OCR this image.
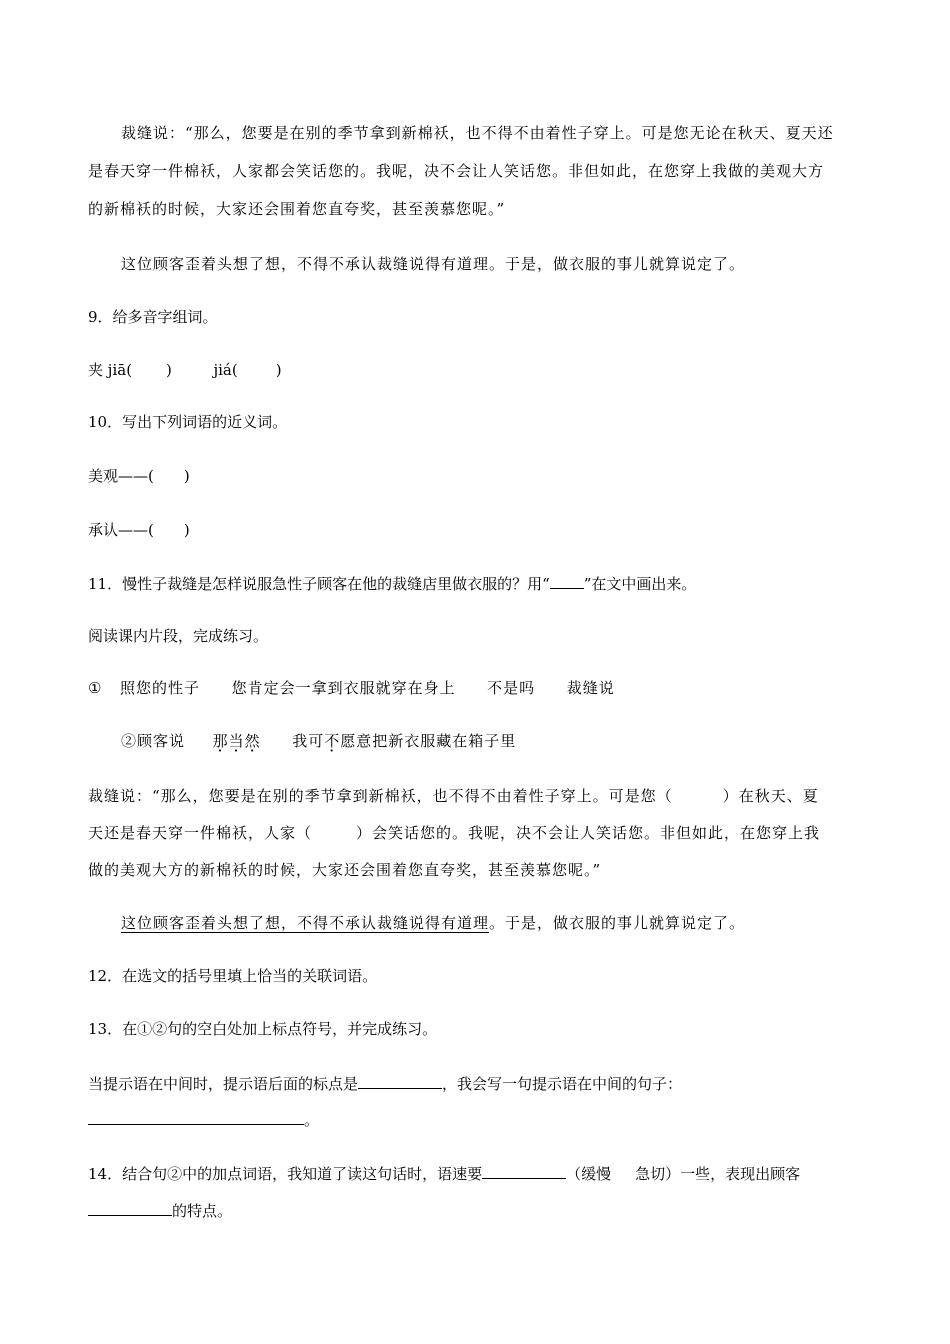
裁缝说：“那么，您要是在别的季节拿到新棉袄，也不得不由着性子穿上。可是您无论在秋天、夏天还
是春天穿一件棉袄，人家都会笑话您的。我呢，决不会让人笑话您。非但如此，在您穿上我做的美观大方
的新棉袄的时候，大家还会围着您直夸奖，甚至羡慕您呢。”
这位顾客歪着头想了想，不得不承认裁缝说得有道理。于是，做衣服的事儿就算说定了。
9．给多音字组词。
夹 jiā( )	jiá(	)
10．写出下列词语的近义词。
美观——( )
承认——( )
11．慢性子裁缝是怎样说服急性子顾客在他的裁缝店里做衣服的？用“ ”在文中画出来。
阅读课内片段，完成练习。
① 照您的性子 您肯定会一拿到衣服就穿在身上 不是吗 裁缝说
②顾客说 那当然 我可不愿意把新衣服藏在箱子里
裁缝说：“那么，您要是在别的季节拿到新棉袄，也不得不由着性子穿上。可是您（	）在秋天、夏
天还是春天穿一件棉袄，人家（	）会笑话您的。我呢，决不会让人笑话您。非但如此，在您穿上我
做的美观大方的新棉袄的时候，大家还会围着您直夸奖，甚至羡慕您呢。”
这位顾客歪着头想了想，不得不承认裁缝说得有道理。于是，做衣服的事儿就算说定了。
12．在选文的括号里填上恰当的关联词语。
13．在①②句的空白处加上标点符号，并完成练习。
当提示语在中间时，提示语后面的标点是	，我会写一句提示语在中间的句子：
。
14．结合句②中的加点词语，我知道了读这句话时，语速要	（缓慢 急切）一些，表现出顾客
的特点。
